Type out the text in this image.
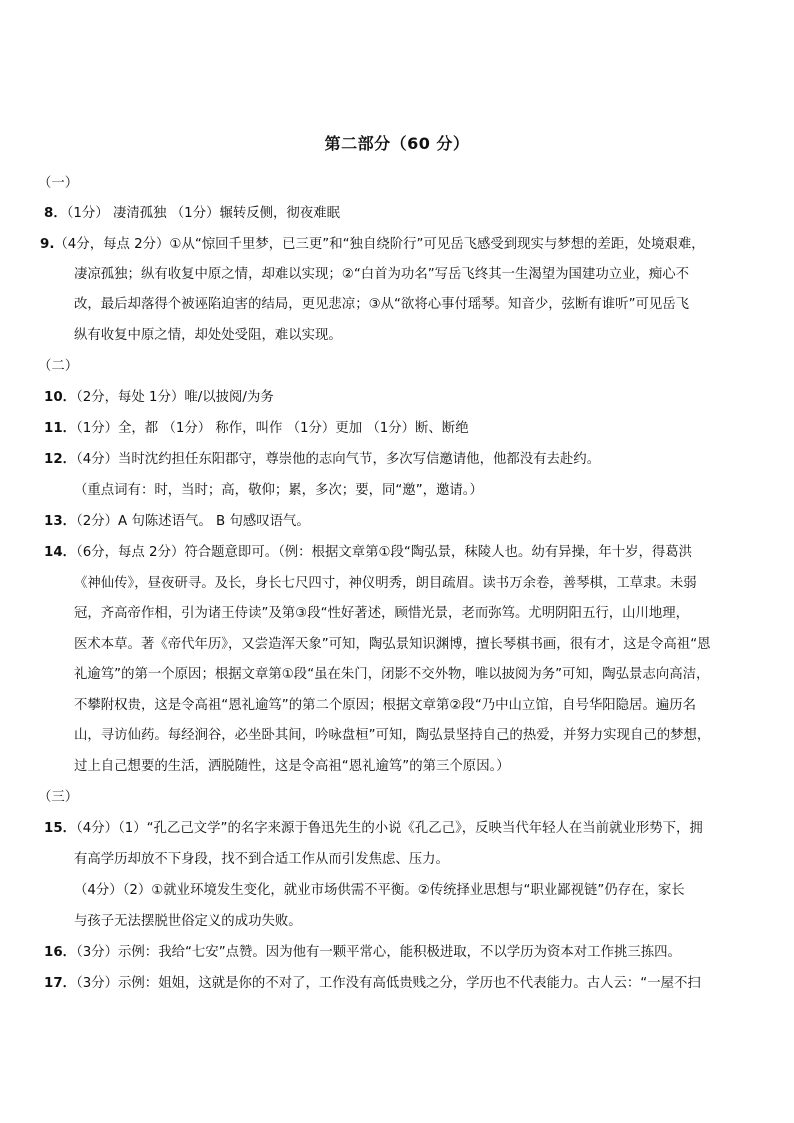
第二部分（60 分）
（一）
8．（1分） 凄清孤独 （1分）辗转反侧，彻夜难眠
9.（4分，每点 2分）①从“惊回千里梦，已三更”和“独自绕阶行”可见岳飞感受到现实与梦想的差距，处境艰难，
凄凉孤独；纵有收复中原之情，却难以实现；②“白首为功名”写岳飞终其一生渴望为国建功立业，痴心不
改，最后却落得个被诬陷迫害的结局，更见悲凉；③从“欲将心事付瑶琴。知音少，弦断有谁听”可见岳飞
纵有收复中原之情，却处处受阻，难以实现。
（二）
10．（2分，每处 1分）唯/以披阅/为务
11．（1分）全，都 （1分） 称作，叫作 （1分）更加 （1分）断、断绝
12．（4分）当时沈约担任东阳郡守，尊崇他的志向气节，多次写信邀请他，他都没有去赴约。
（重点词有：时，当时；高，敬仰；累，多次；要，同“邀”，邀请。）
13．（2分）A 句陈述语气。 B 句感叹语气。
14．（6分，每点 2分）符合题意即可。（例：根据文章第①段“陶弘景，秣陵人也。幼有异操，年十岁，得葛洪
《神仙传》，昼夜研寻。及长，身长七尺四寸，神仪明秀，朗目疏眉。读书万余卷，善琴棋，工草隶。未弱
冠，齐高帝作相，引为诸王侍读”及第③段“性好著述，顾惜光景，老而弥笃。尤明阴阳五行，山川地理，
医术本草。著《帝代年历》，又尝造浑天象”可知，陶弘景知识渊博，擅长琴棋书画，很有才，这是令高祖“恩
礼逾笃”的第一个原因；根据文章第①段“虽在朱门，闭影不交外物，唯以披阅为务”可知，陶弘景志向高洁，
不攀附权贵，这是令高祖“恩礼逾笃”的第二个原因；根据文章第②段“乃中山立馆，自号华阳隐居。遍历名
山，寻访仙药。每经涧谷，必坐卧其间，吟咏盘桓”可知，陶弘景坚持自己的热爱，并努力实现自己的梦想，
过上自己想要的生活，洒脱随性，这是令高祖“恩礼逾笃”的第三个原因。）
（三）
15．（4分）（1）“孔乙己文学”的名字来源于鲁迅先生的小说《孔乙己》，反映当代年轻人在当前就业形势下，拥
有高学历却放不下身段，找不到合适工作从而引发焦虑、压力。
（4分）（2）①就业环境发生变化，就业市场供需不平衡。②传统择业思想与“职业鄙视链”仍存在，家长
与孩子无法摆脱世俗定义的成功失败。
16．（3分）示例：我给“七安”点赞。因为他有一颗平常心，能积极进取，不以学历为资本对工作挑三拣四。
17．（3分）示例：姐姐，这就是你的不对了，工作没有高低贵贱之分，学历也不代表能力。古人云：“一屋不扫
